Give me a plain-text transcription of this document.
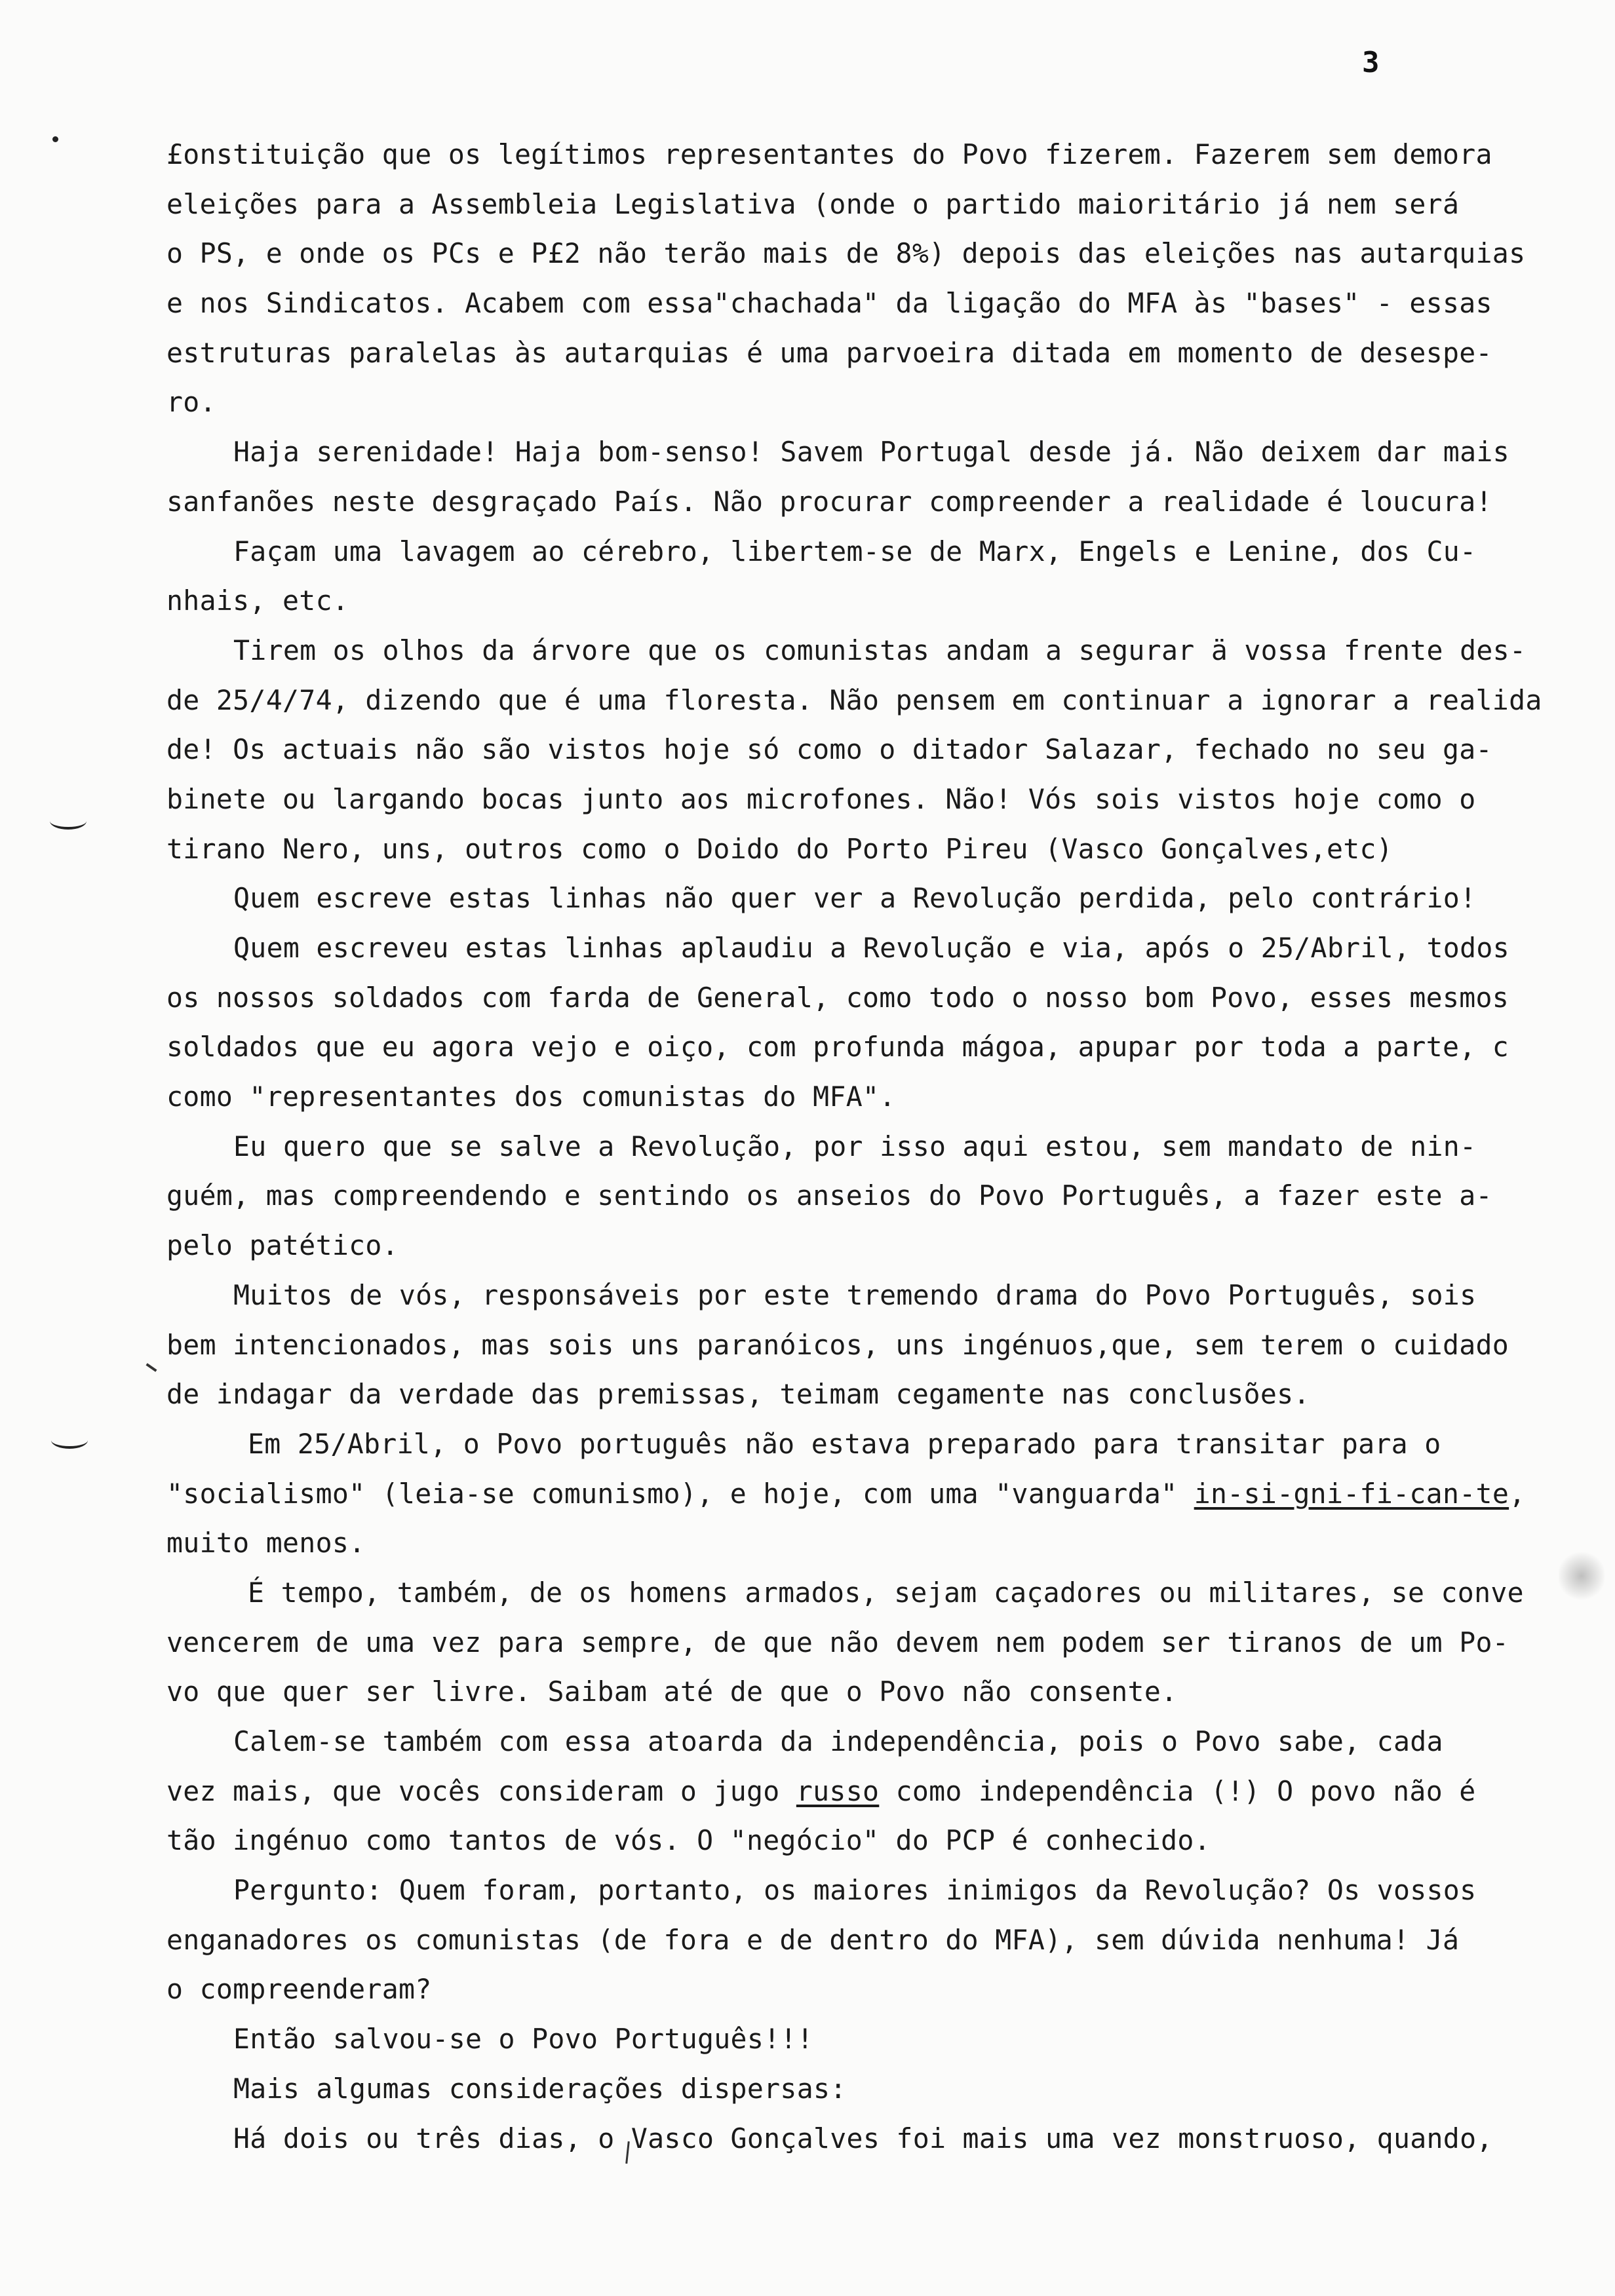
3
£onstituição que os legítimos representantes do Povo fizerem. Fazerem sem demora
eleições para a Assembleia Legislativa (onde o partido maioritário já nem será
o PS, e onde os PCs e P£2 não terão mais de 8%) depois das eleições nas autarquias
e nos Sindicatos. Acabem com essa"chachada" da ligação do MFA às "bases" - essas
estruturas paralelas às autarquias é uma parvoeira ditada em momento de desespe-
ro.
Haja serenidade! Haja bom-senso! Savem Portugal desde já. Não deixem dar mais
sanfanões neste desgraçado País. Não procurar compreender a realidade é loucura!
Façam uma lavagem ao cérebro, libertem-se de Marx, Engels e Lenine, dos Cu-
nhais, etc.
Tirem os olhos da árvore que os comunistas andam a segurar ä vossa frente des-
de 25/4/74, dizendo que é uma floresta. Não pensem em continuar a ignorar a realida
de! Os actuais não são vistos hoje só como o ditador Salazar, fechado no seu ga-
binete ou largando bocas junto aos microfones. Não! Vós sois vistos hoje como o
tirano Nero, uns, outros como o Doido do Porto Pireu (Vasco Gonçalves,etc)
Quem escreve estas linhas não quer ver a Revolução perdida, pelo contrário!
Quem escreveu estas linhas aplaudiu a Revolução e via, após o 25/Abril, todos
os nossos soldados com farda de General, como todo o nosso bom Povo, esses mesmos
soldados que eu agora vejo e oiço, com profunda mágoa, apupar por toda a parte, c
como "representantes dos comunistas do MFA".
Eu quero que se salve a Revolução, por isso aqui estou, sem mandato de nin-
guém, mas compreendendo e sentindo os anseios do Povo Português, a fazer este a-
pelo patético.
Muitos de vós, responsáveis por este tremendo drama do Povo Português, sois
bem intencionados, mas sois uns paranóicos, uns ingénuos,que, sem terem o cuidado
de indagar da verdade das premissas, teimam cegamente nas conclusões.
Em 25/Abril, o Povo português não estava preparado para transitar para o
"socialismo" (leia-se comunismo), e hoje, com uma "vanguarda" in-si-gni-fi-can-te,
muito menos.
É tempo, também, de os homens armados, sejam caçadores ou militares, se conve
vencerem de uma vez para sempre, de que não devem nem podem ser tiranos de um Po-
vo que quer ser livre. Saibam até de que o Povo não consente.
Calem-se também com essa atoarda da independência, pois o Povo sabe, cada
vez mais, que vocês consideram o jugo russo como independência (!) O povo não é
tão ingénuo como tantos de vós. O "negócio" do PCP é conhecido.
Pergunto: Quem foram, portanto, os maiores inimigos da Revolução? Os vossos
enganadores os comunistas (de fora e de dentro do MFA), sem dúvida nenhuma! Já
o compreenderam?
Então salvou-se o Povo Português!!!
Mais algumas considerações dispersas:
Há dois ou três dias, o Vasco Gonçalves foi mais uma vez monstruoso, quando,
